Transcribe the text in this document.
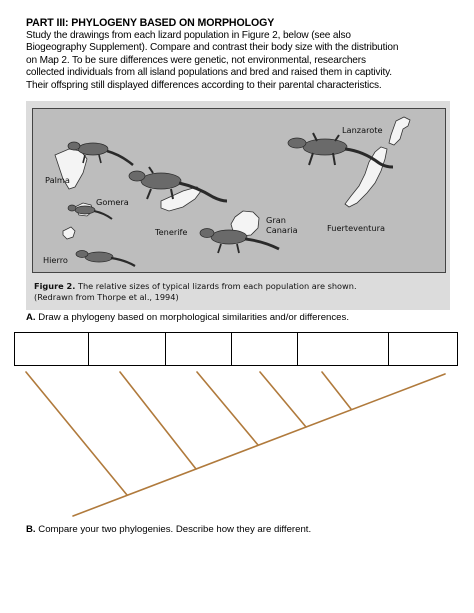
PART III: PHYLOGENY BASED ON MORPHOLOGY
Study the drawings from each lizard population in Figure 2, below (see also
Biogeography Supplement). Compare and contrast their body size with the distribution
on Map 2. To be sure differences were genetic, not environmental, researchers
collected individuals from all island populations and bred and raised them in captivity.
Their offspring still displayed differences according to their parental characteristics.
Lanzarote
Palma
Gomera
Tenerife
Gran
Canaria	Fuerteventura
Hierro
Figure 2. The relative sizes of typical lizards from each population are shown.
(Redrawn from Thorpe et al., 1994)
A. Draw a phylogeny based on morphological similarities and/or differences.
B. Compare your two phylogenies. Describe how they are different.
